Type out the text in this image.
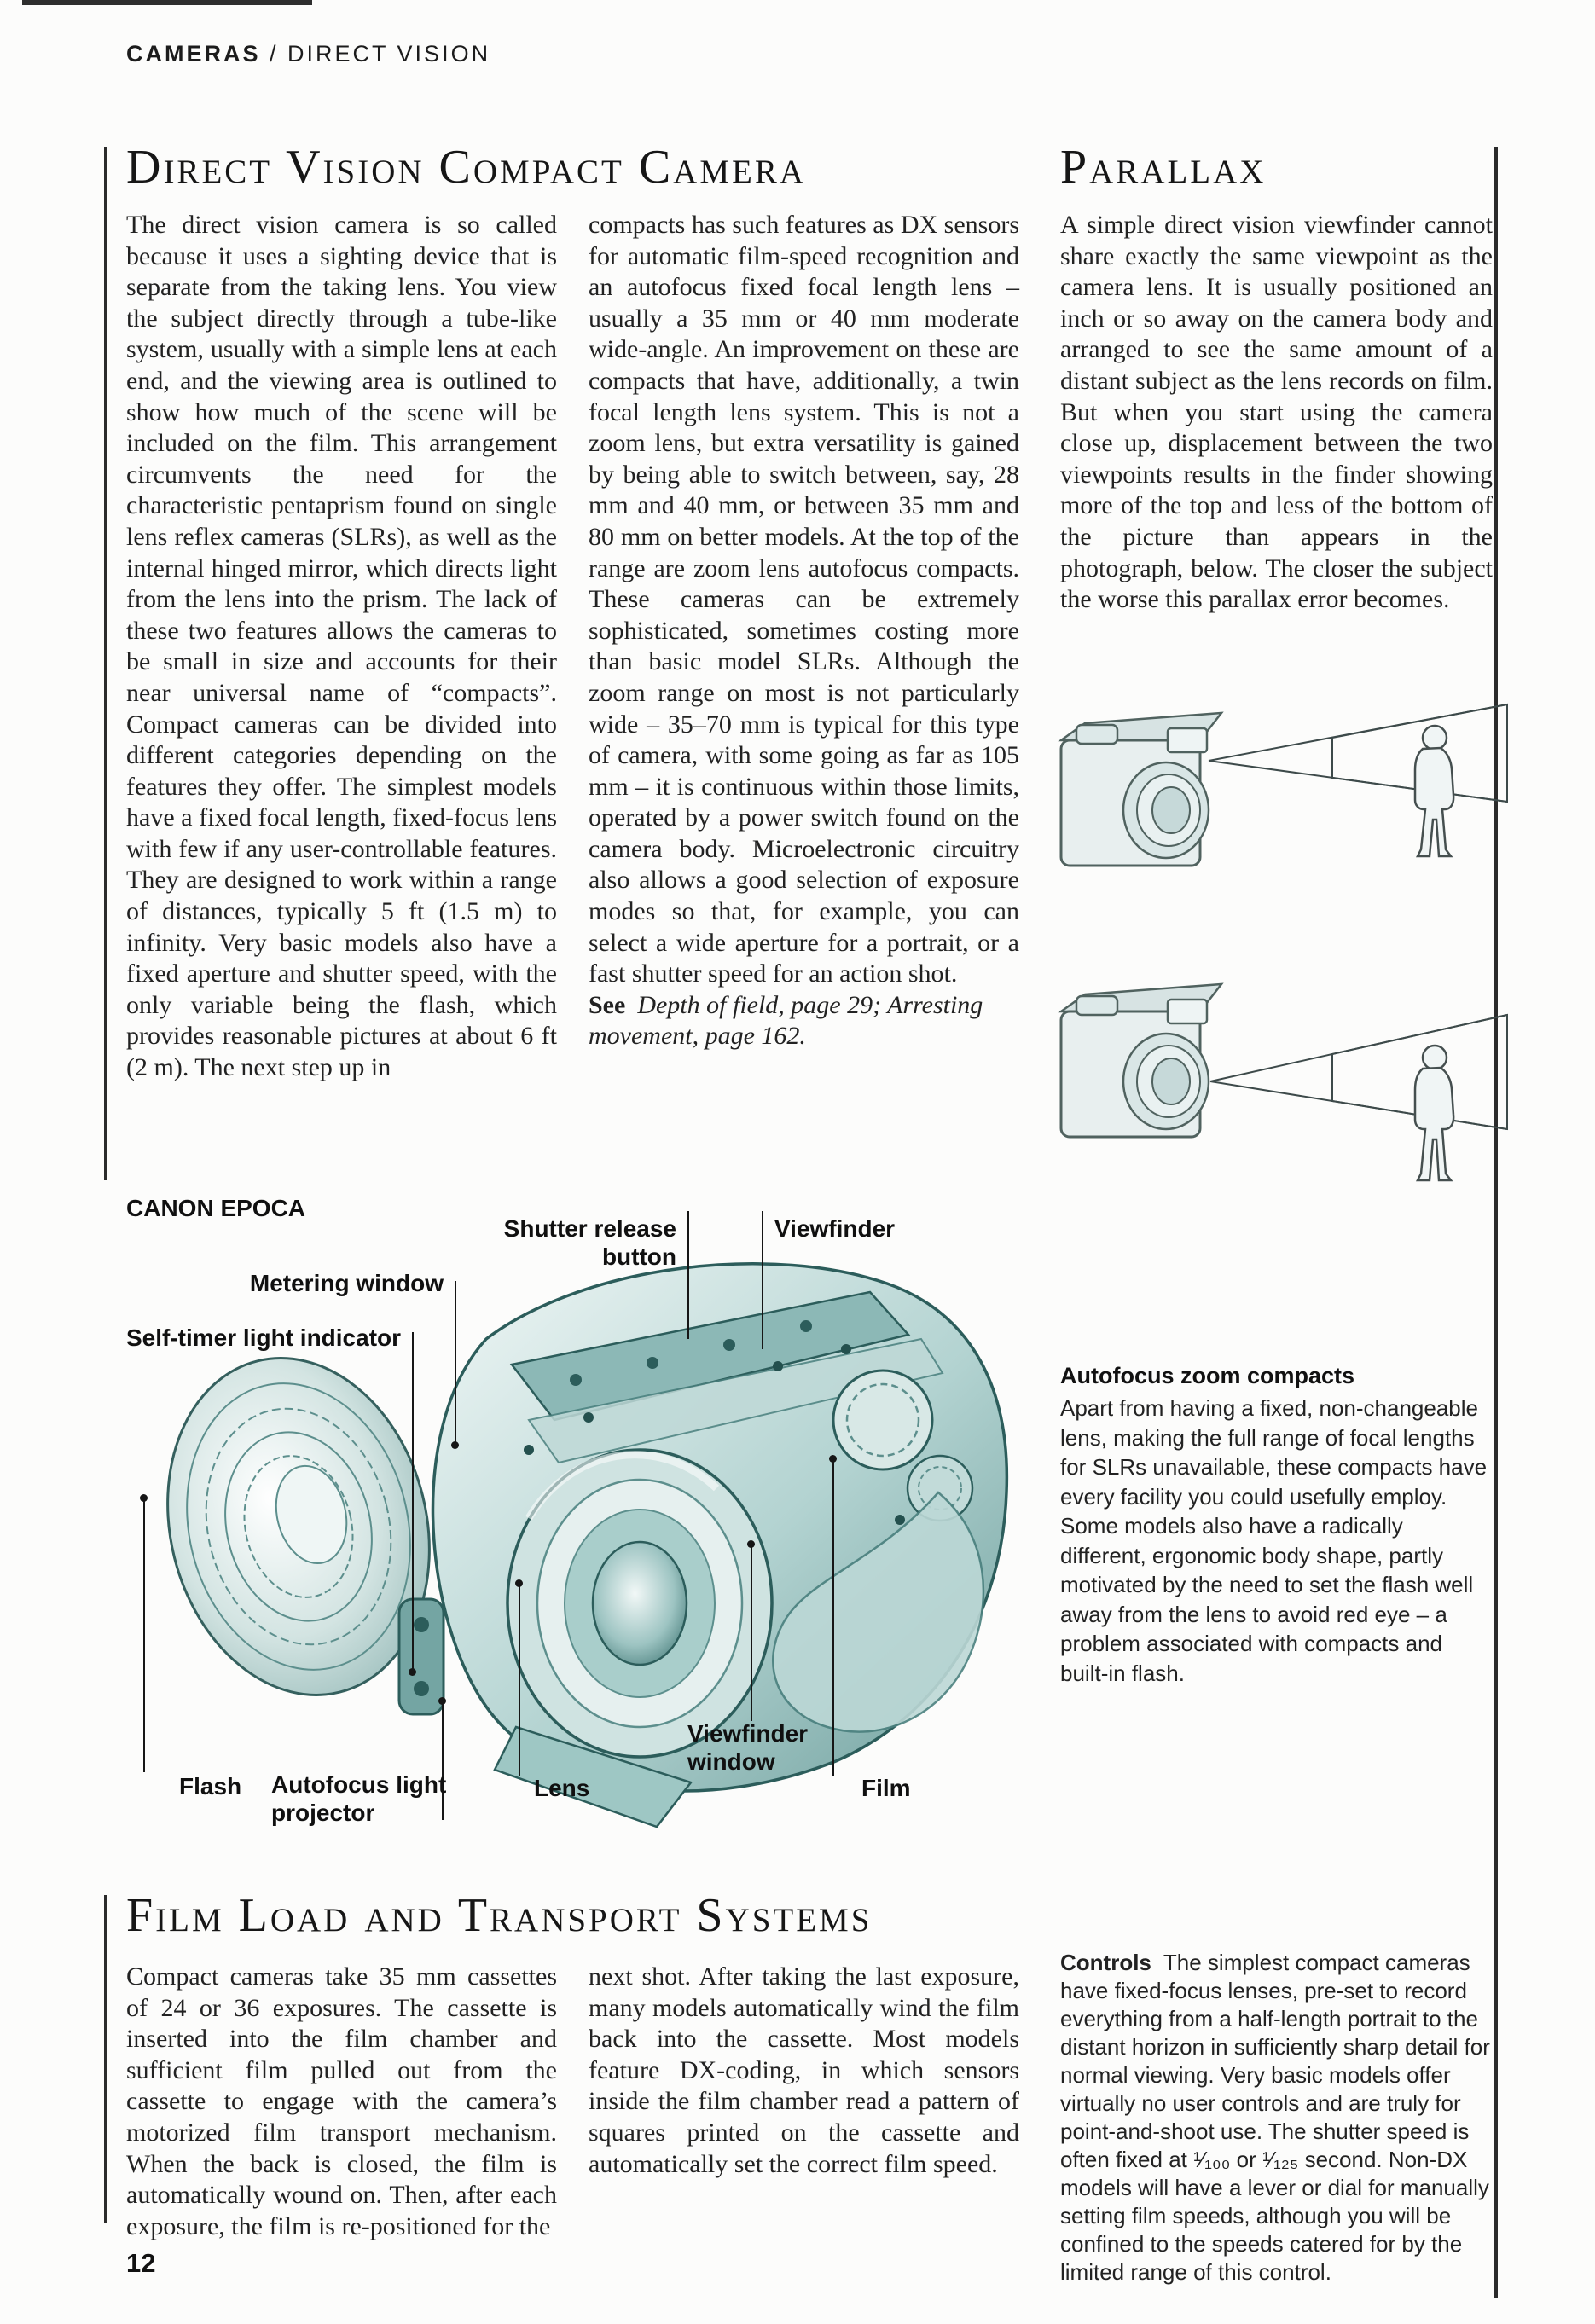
CAMERAS / DIRECT VISION
Direct Vision Compact Camera
The direct vision camera is so called because it uses a sighting device that is separate from the taking lens. You view the subject directly through a tube-like system, usually with a simple lens at each end, and the viewing area is outlined to show how much of the scene will be included on the film. This arrangement circumvents the need for the characteristic pentaprism found on single lens reflex cameras (SLRs), as well as the internal hinged mirror, which directs light from the lens into the prism. The lack of these two features allows the cameras to be small in size and accounts for their near universal name of “compacts”. Compact cameras can be divided into different categories depending on the features they offer. The simplest models have a fixed focal length, fixed-focus lens with few if any user-controllable features. They are designed to work within a range of distances, typically 5 ft (1.5 m) to infinity. Very basic models also have a fixed aperture and shutter speed, with the only variable being the flash, which provides reasonable pictures at about 6 ft (2 m). The next step up in
compacts has such features as DX sensors for automatic film-speed recognition and an autofocus fixed focal length lens – usually a 35 mm or 40 mm moderate wide-angle. An improvement on these are compacts that have, additionally, a twin focal length lens system. This is not a zoom lens, but extra versatility is gained by being able to switch between, say, 28 mm and 40 mm, or between 35 mm and 80 mm on better models. At the top of the range are zoom lens autofocus compacts. These cameras can be extremely sophisticated, sometimes costing more than basic model SLRs. Although the zoom range on most is not particularly wide – 35–70 mm is typical for this type of camera, with some going as far as 105 mm – it is continuous within those limits, operated by a power switch found on the camera body. Microelectronic circuitry also allows a good selection of exposure modes so that, for example, you can select a wide aperture for a portrait, or a fast shutter speed for an action shot.
See Depth of field, page 29; Arresting movement, page 162.
Parallax
A simple direct vision viewfinder cannot share exactly the same viewpoint as the camera lens. It is usually positioned an inch or so away on the camera body and arranged to see the same amount of a distant subject as the lens records on film. But when you start using the camera close up, displacement between the two viewpoints results in the finder showing more of the top and less of the bottom of the picture than appears in the photograph, below. The closer the subject the worse this parallax error becomes.
CANON EPOCA
Shutter release button
Viewfinder
Metering window
Self-timer light indicator
Flash Autofocus light projector
Lens
Viewfinder window
Film
Autofocus zoom compacts
Apart from having a fixed, non-changeable lens, making the full range of focal lengths for SLRs unavailable, these compacts have every facility you could usefully employ. Some models also have a radically different, ergonomic body shape, partly motivated by the need to set the flash well away from the lens to avoid red eye – a problem associated with compacts and built-in flash.
Film Load and Transport Systems
Compact cameras take 35 mm cassettes of 24 or 36 exposures. The cassette is inserted into the film chamber and sufficient film pulled out from the cassette to engage with the camera’s motorized film transport mechanism. When the back is closed, the film is automatically wound on. Then, after each exposure, the film is re-positioned for the
next shot. After taking the last exposure, many models automatically wind the film back into the cassette. Most models feature DX-coding, in which sensors inside the film chamber read a pattern of squares printed on the cassette and automatically set the correct film speed.
Controls The simplest compact cameras have fixed-focus lenses, pre-set to record everything from a half-length portrait to the distant horizon in sufficiently sharp detail for normal viewing. Very basic models offer virtually no user controls and are truly for point-and-shoot use. The shutter speed is often fixed at ¹⁄₁₀₀ or ¹⁄₁₂₅ second. Non-DX models will have a lever or dial for manually setting film speeds, although you will be confined to the speeds catered for by the limited range of this control.
12
